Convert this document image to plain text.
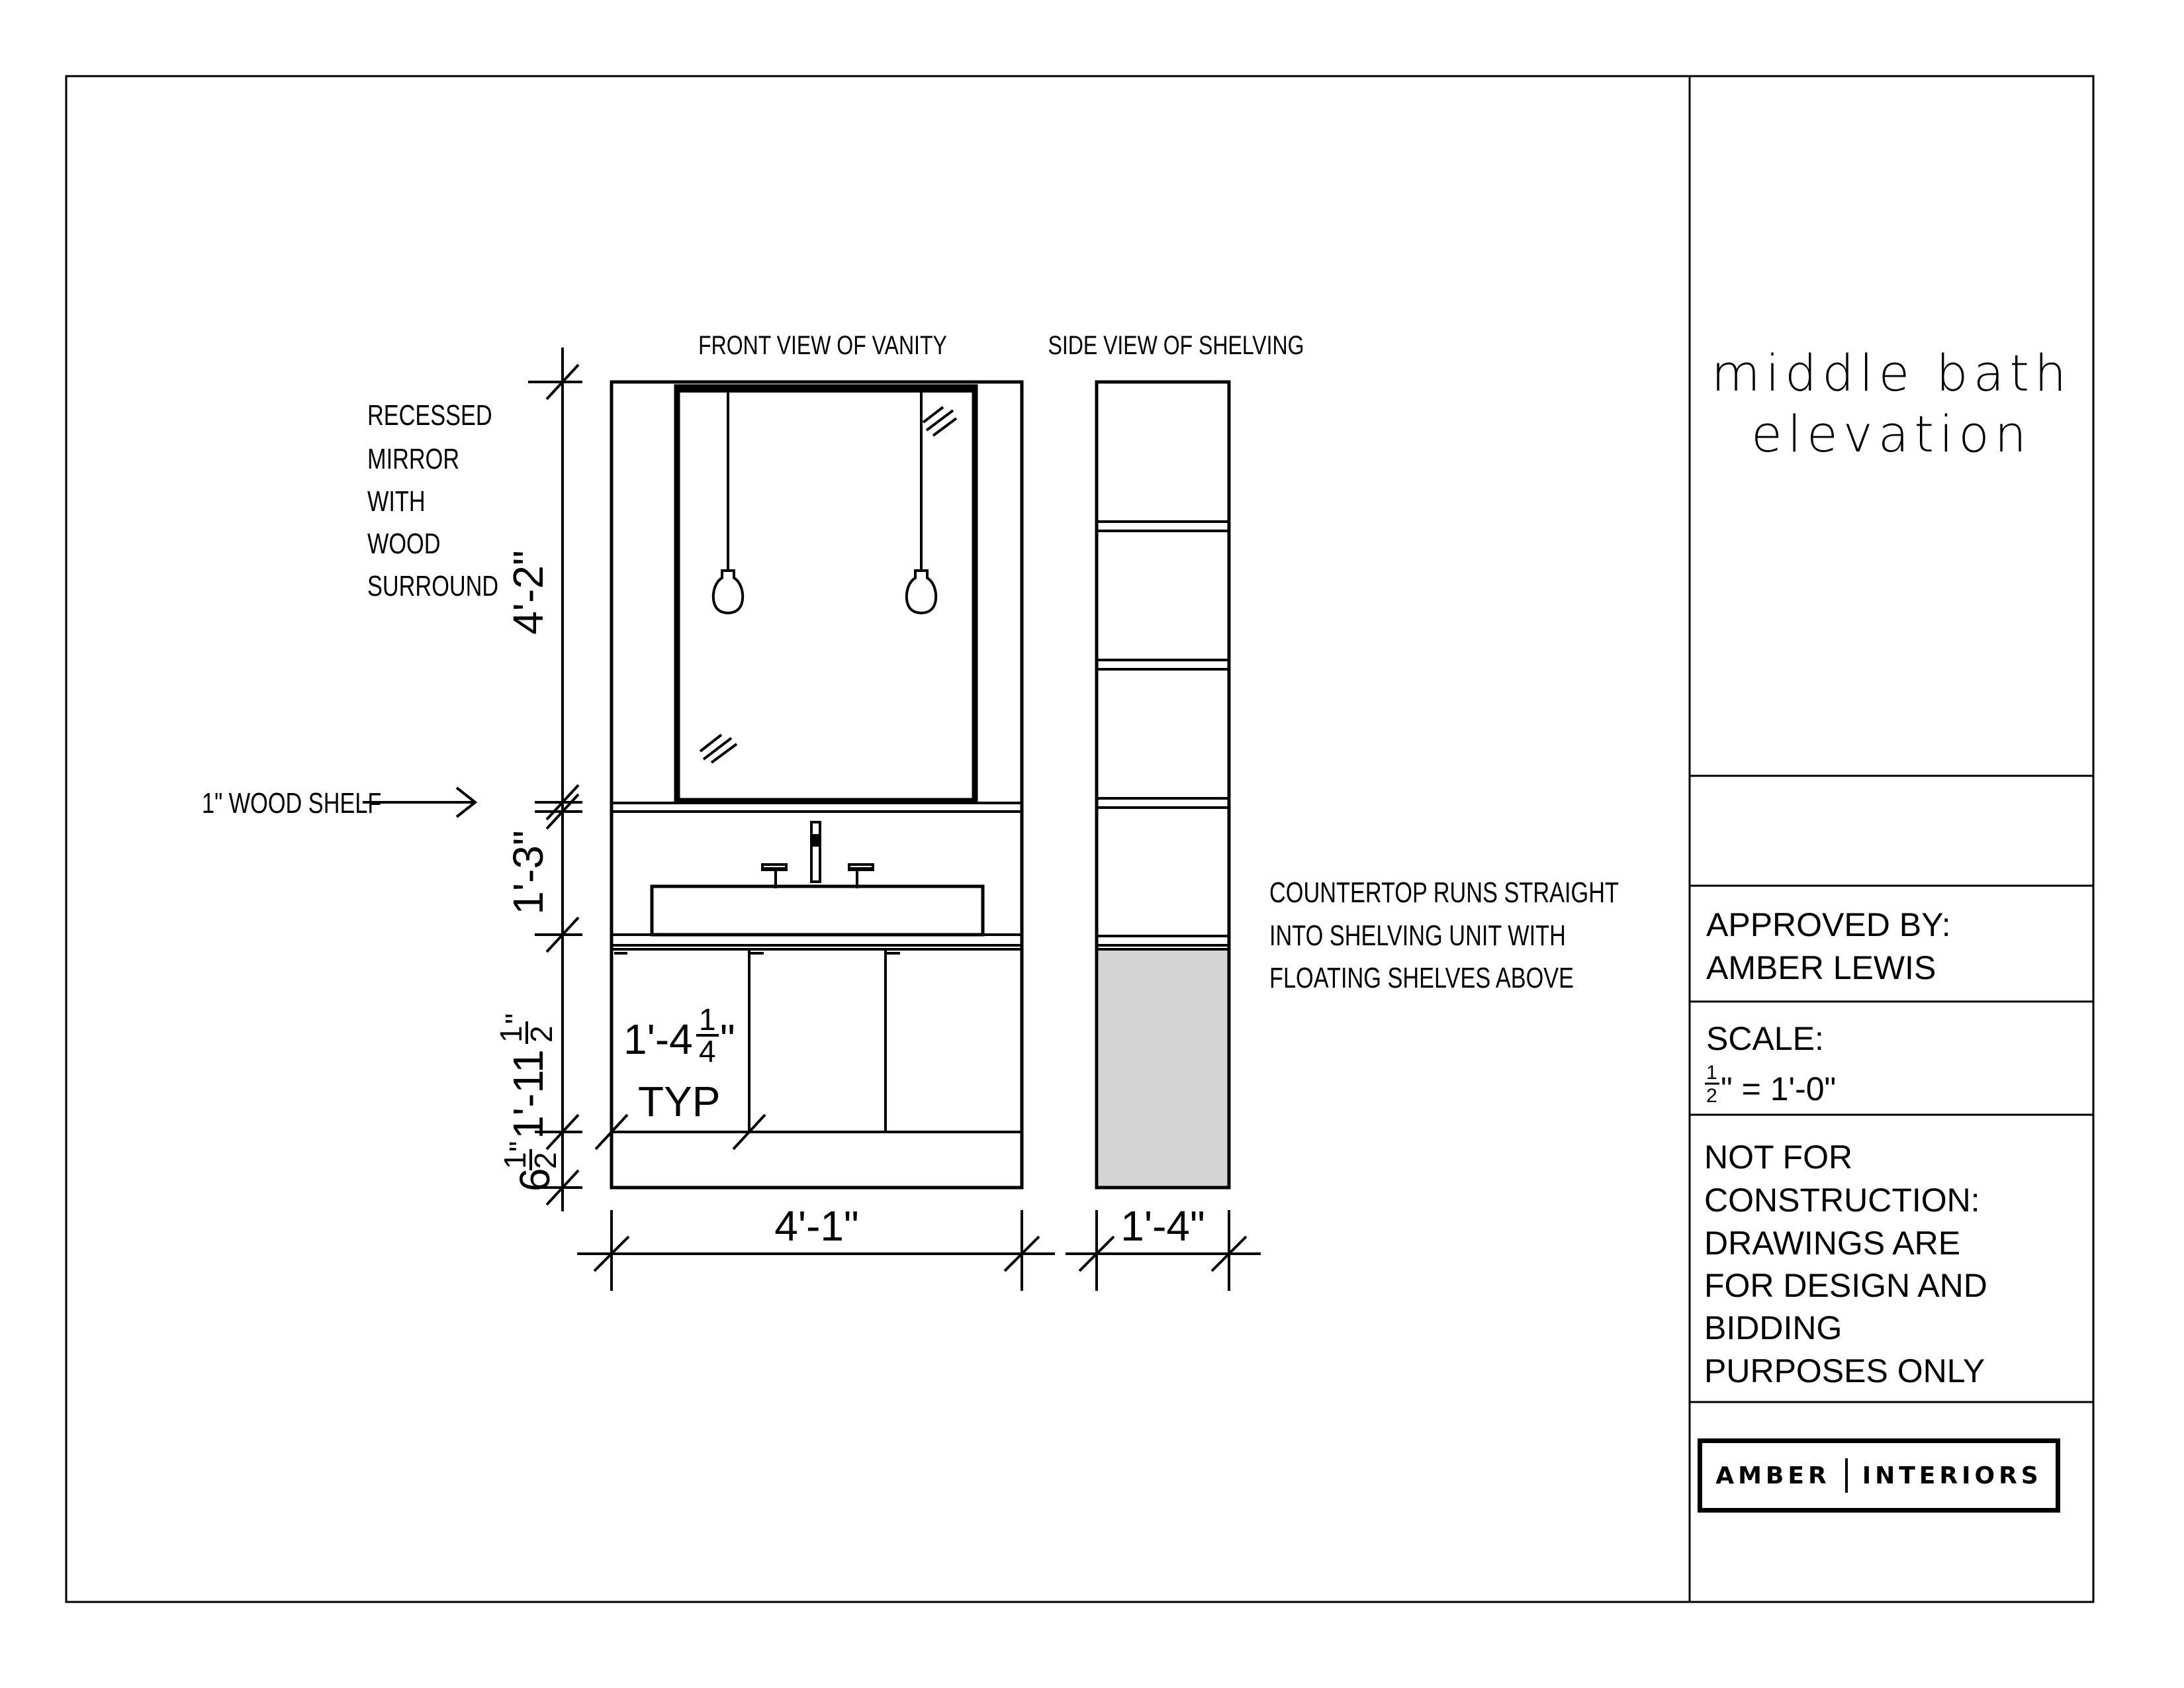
middle bath
elevation
APPROVED BY:
AMBER LEWIS
SCALE:
1
2 " = 1'-0"
NOT FOR
CONSTRUCTION:
DRAWINGS ARE
FOR DESIGN AND
BIDDING
PURPOSES ONLY
FRONT VIEW OF VANITY	SIDE VIEW OF SHELVING
RECESSED
MIRROR
WITH
WOOD
SURROUND
1" WOOD SHELF
COUNTERTOP RUNS STRAIGHT
INTO SHELVING UNIT WITH
FLOATING SHELVES ABOVE
4'-2"
1'-3"
1'-11
1
2
"
6
1
2
"
1'-4 1
4 "
TYP
4'-1"	1'-4"
AMBER INTERIORS
